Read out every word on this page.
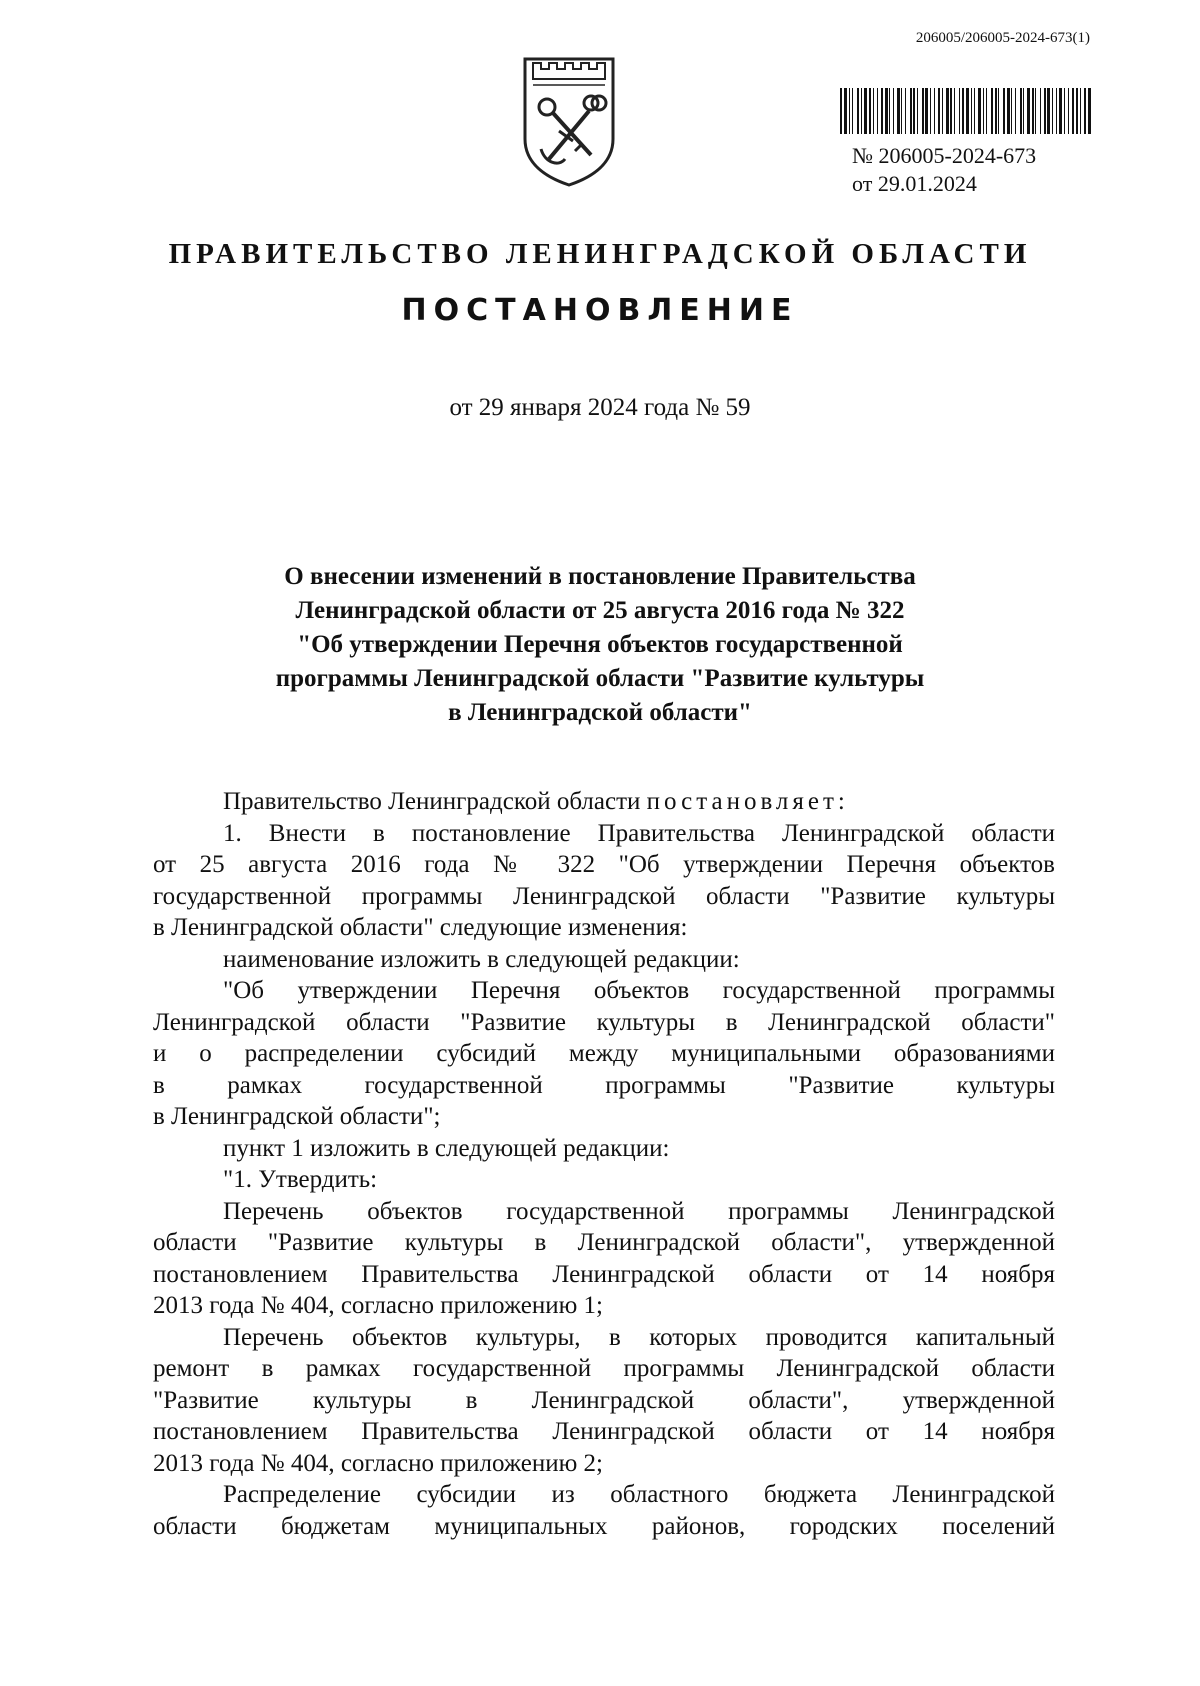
206005/206005-2024-673(1)
№ 206005-2024-673
от 29.01.2024
ПРАВИТЕЛЬСТВО ЛЕНИНГРАДСКОЙ ОБЛАСТИ
ПОСТАНОВЛЕНИЕ
от 29 января 2024 года № 59
О внесении изменений в постановление Правительства
Ленинградской области от 25 августа 2016 года № 322
"Об утверждении Перечня объектов государственной
программы Ленинградской области "Развитие культуры
в Ленинградской области"

Правительство Ленинградской области постановляет:

1. Внести в постановление Правительства Ленинградской области

от 25 августа 2016 года № 322 "Об утверждении Перечня объектов

государственной программы Ленинградской области "Развитие культуры

в Ленинградской области" следующие изменения:

наименование изложить в следующей редакции:

"Об утверждении Перечня объектов государственной программы

Ленинградской области "Развитие культуры в Ленинградской области"

и о распределении субсидий между муниципальными образованиями

в рамках государственной программы "Развитие культуры

в Ленинградской области";

пункт 1 изложить в следующей редакции:

"1. Утвердить:

Перечень объектов государственной программы Ленинградской

области "Развитие культуры в Ленинградской области", утвержденной

постановлением Правительства Ленинградской области от 14 ноября

2013 года № 404, согласно приложению 1;

Перечень объектов культуры, в которых проводится капитальный

ремонт в рамках государственной программы Ленинградской области

"Развитие культуры в Ленинградской области", утвержденной

постановлением Правительства Ленинградской области от 14 ноября

2013 года № 404, согласно приложению 2;

Распределение субсидии из областного бюджета Ленинградской

области бюджетам муниципальных районов, городских поселений
